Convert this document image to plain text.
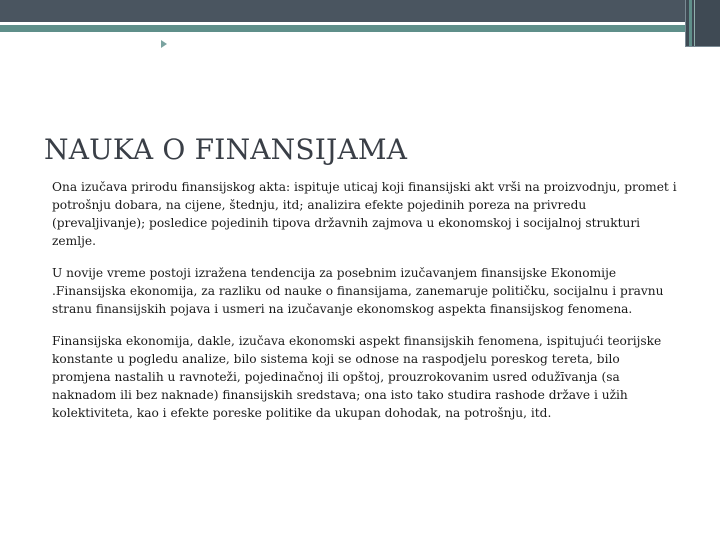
NAUKA O FINANSIJAMA

Ona izučava prirodu finansijskog akta: ispituje uticaj koji finansijski akt vrši na proizvodnju, promet i potrošnju dobara, na cijene, štednju, itd; analizira efekte pojedinih poreza na privredu (prevaljivanje); posledice pojedinih tipova državnih zajmova u ekonomskoj i socijalnoj strukturi zemlje.

U novije vreme postoji izražena tendencija za posebnim izučavanjem finansijske Ekonomije .Finansijska ekonomija, za razliku od nauke o finansijama, zanemaruje političku, socijalnu i pravnu stranu finansijskih pojava i usmeri na izučavanje ekonomskog aspekta finansijskog fenomena.

Finansijska ekonomija, dakle, izučava ekonomski aspekt finansijskih fenomena, ispitujući teorijske konstante u pogledu analize, bilo sistema koji se odnose na raspodjelu poreskog tereta, bilo promjena nastalih u ravnoteži, pojedinačnoj ili opštoj, prouzrokovanim usred odužīvanja (sa naknadom ili bez naknade) finansijskih sredstava; ona isto tako studira rashode države i užih kolektiviteta, kao i efekte poreske politike da ukupan dohodak, na potrošnju, itd.
